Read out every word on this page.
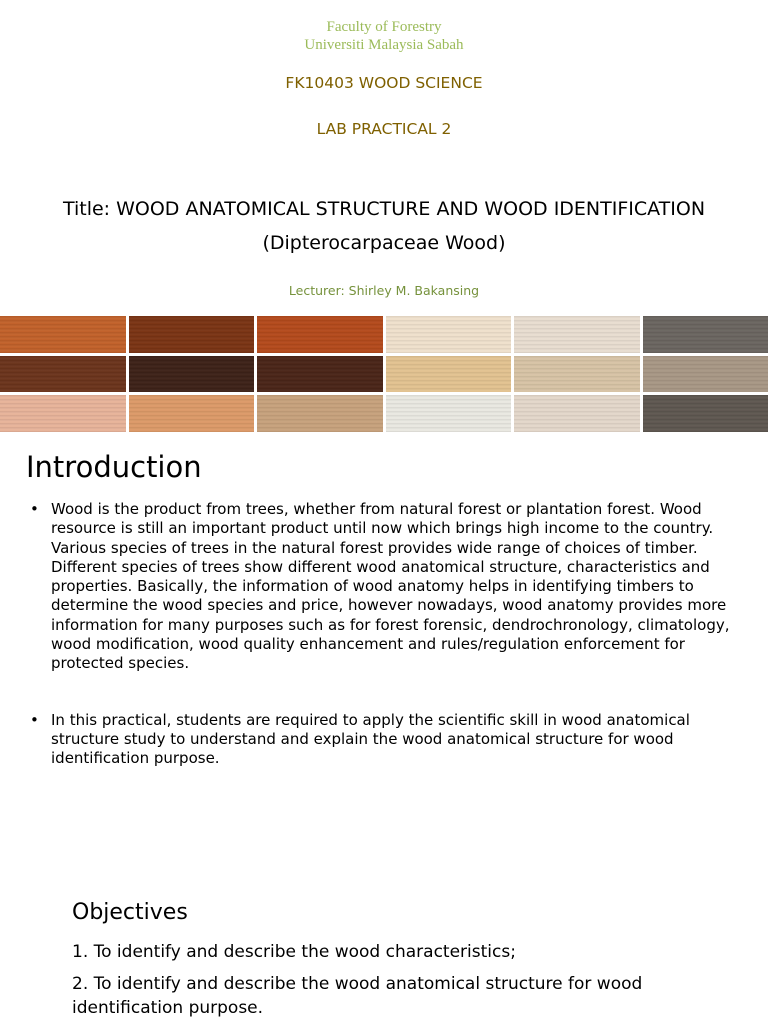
Faculty of Forestry
Universiti Malaysia Sabah
FK10403 WOOD SCIENCE
LAB PRACTICAL 2
Title: WOOD ANATOMICAL STRUCTURE AND WOOD IDENTIFICATION
(Dipterocarpaceae Wood)
Lecturer: Shirley M. Bakansing
Introduction
• Wood is the product from trees, whether from natural forest or plantation forest. Wood resource is still an important product until now which brings high income to the country. Various species of trees in the natural forest provides wide range of choices of timber. Different species of trees show different wood anatomical structure, characteristics and properties. Basically, the information of wood anatomy helps in identifying timbers to determine the wood species and price, however nowadays, wood anatomy provides more information for many purposes such as for forest forensic, dendrochronology, climatology, wood modification, wood quality enhancement and rules/regulation enforcement for protected species.
• In this practical, students are required to apply the scientific skill in wood anatomical structure study to understand and explain the wood anatomical structure for wood identification purpose.
Objectives
1. To identify and describe the wood characteristics;
2. To identify and describe the wood anatomical structure for wood identification purpose.
